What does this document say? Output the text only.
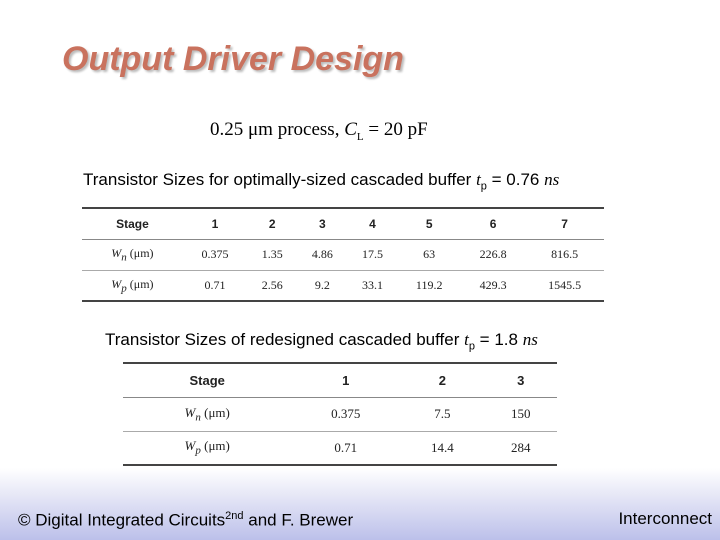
Output Driver Design
0.25 μm process, $C_L = 20$ pF
Transistor Sizes for optimally-sized cascaded buffer $t_p = 0.76$ ns
Stage	1	2	3	4	5	6	7
$W_n$ (μm)	0.375	1.35	4.86	17.5	63	226.8	816.5
$W_p$ (μm)	0.71	2.56	9.2	33.1	119.2	429.3	1545.5
Transistor Sizes of redesigned cascaded buffer $t_p = 1.8$ ns
Stage	1	2	3
$W_n$ (μm)	0.375	7.5	150
$W_p$ (μm)	0.71	14.4	284
© Digital Integrated Circuits$^{2nd}$ and F. Brewer	Interconnect
